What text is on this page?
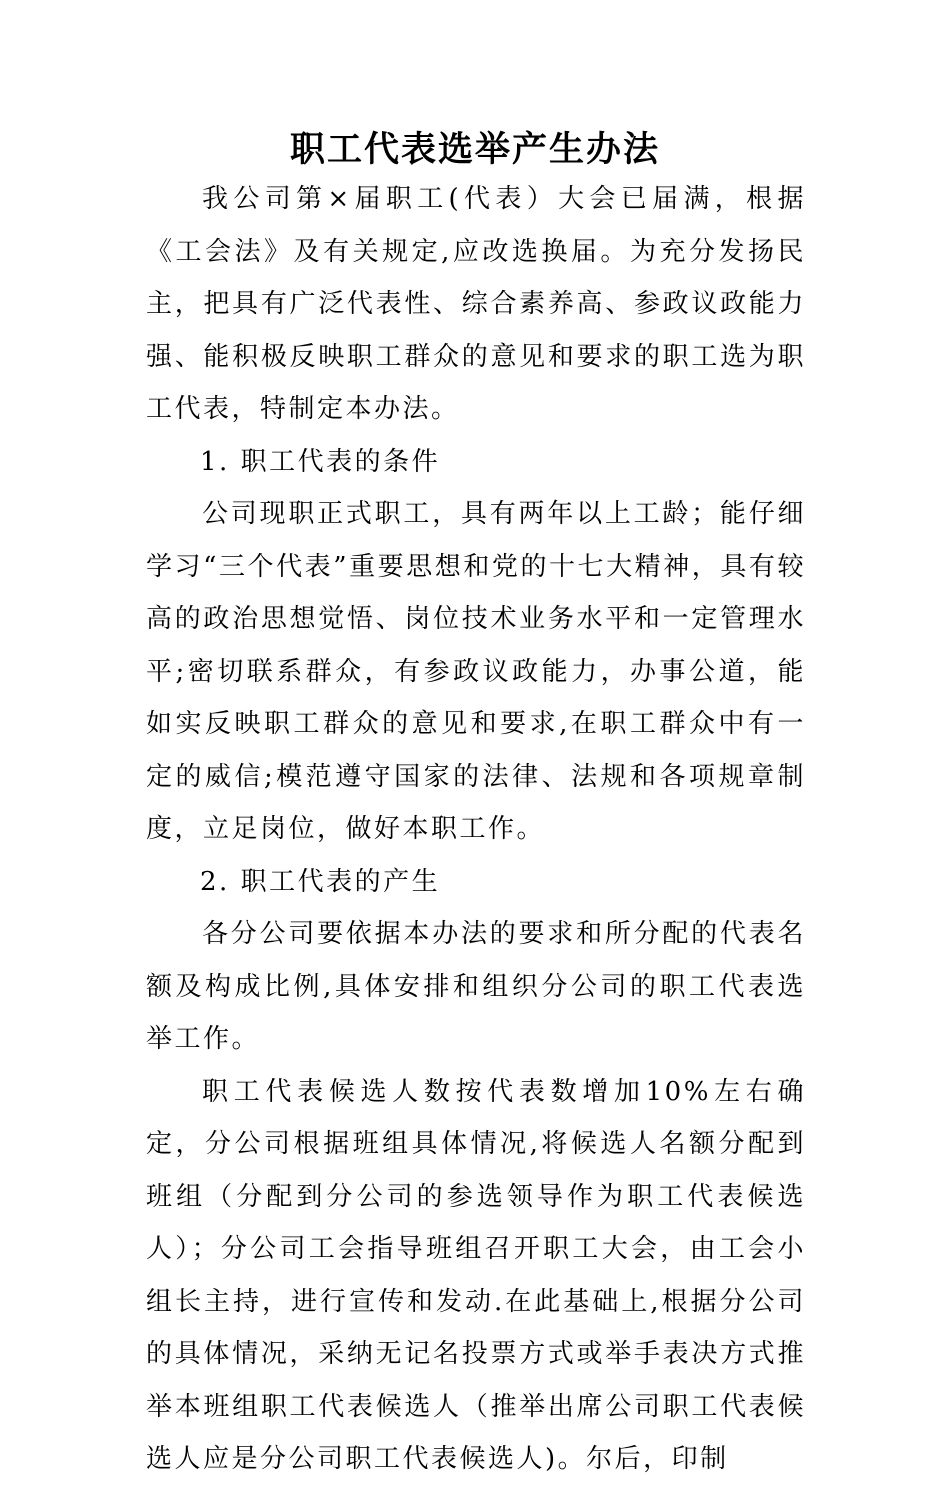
职工代表选举产生办法

我公司第×届职工(代表）大会已届满，根据《工会法》及有关规定,应改选换届。为充分发扬民主，把具有广泛代表性、综合素养高、参政议政能力强、能积极反映职工群众的意见和要求的职工选为职工代表，特制定本办法。

1. 职工代表的条件

公司现职正式职工，具有两年以上工龄；能仔细学习“三个代表”重要思想和党的十七大精神，具有较高的政治思想觉悟、岗位技术业务水平和一定管理水平;密切联系群众，有参政议政能力，办事公道，能如实反映职工群众的意见和要求,在职工群众中有一定的威信;模范遵守国家的法律、法规和各项规章制度，立足岗位，做好本职工作。

2. 职工代表的产生

各分公司要依据本办法的要求和所分配的代表名额及构成比例,具体安排和组织分公司的职工代表选举工作。

职工代表候选人数按代表数增加10%左右确定，分公司根据班组具体情况,将候选人名额分配到班组（分配到分公司的参选领导作为职工代表候选人）；分公司工会指导班组召开职工大会，由工会小组长主持，进行宣传和发动.在此基础上,根据分公司的具体情况，采纳无记名投票方式或举手表决方式推举本班组职工代表候选人（推举出席公司职工代表候选人应是分公司职工代表候选人)。尔后，印制
